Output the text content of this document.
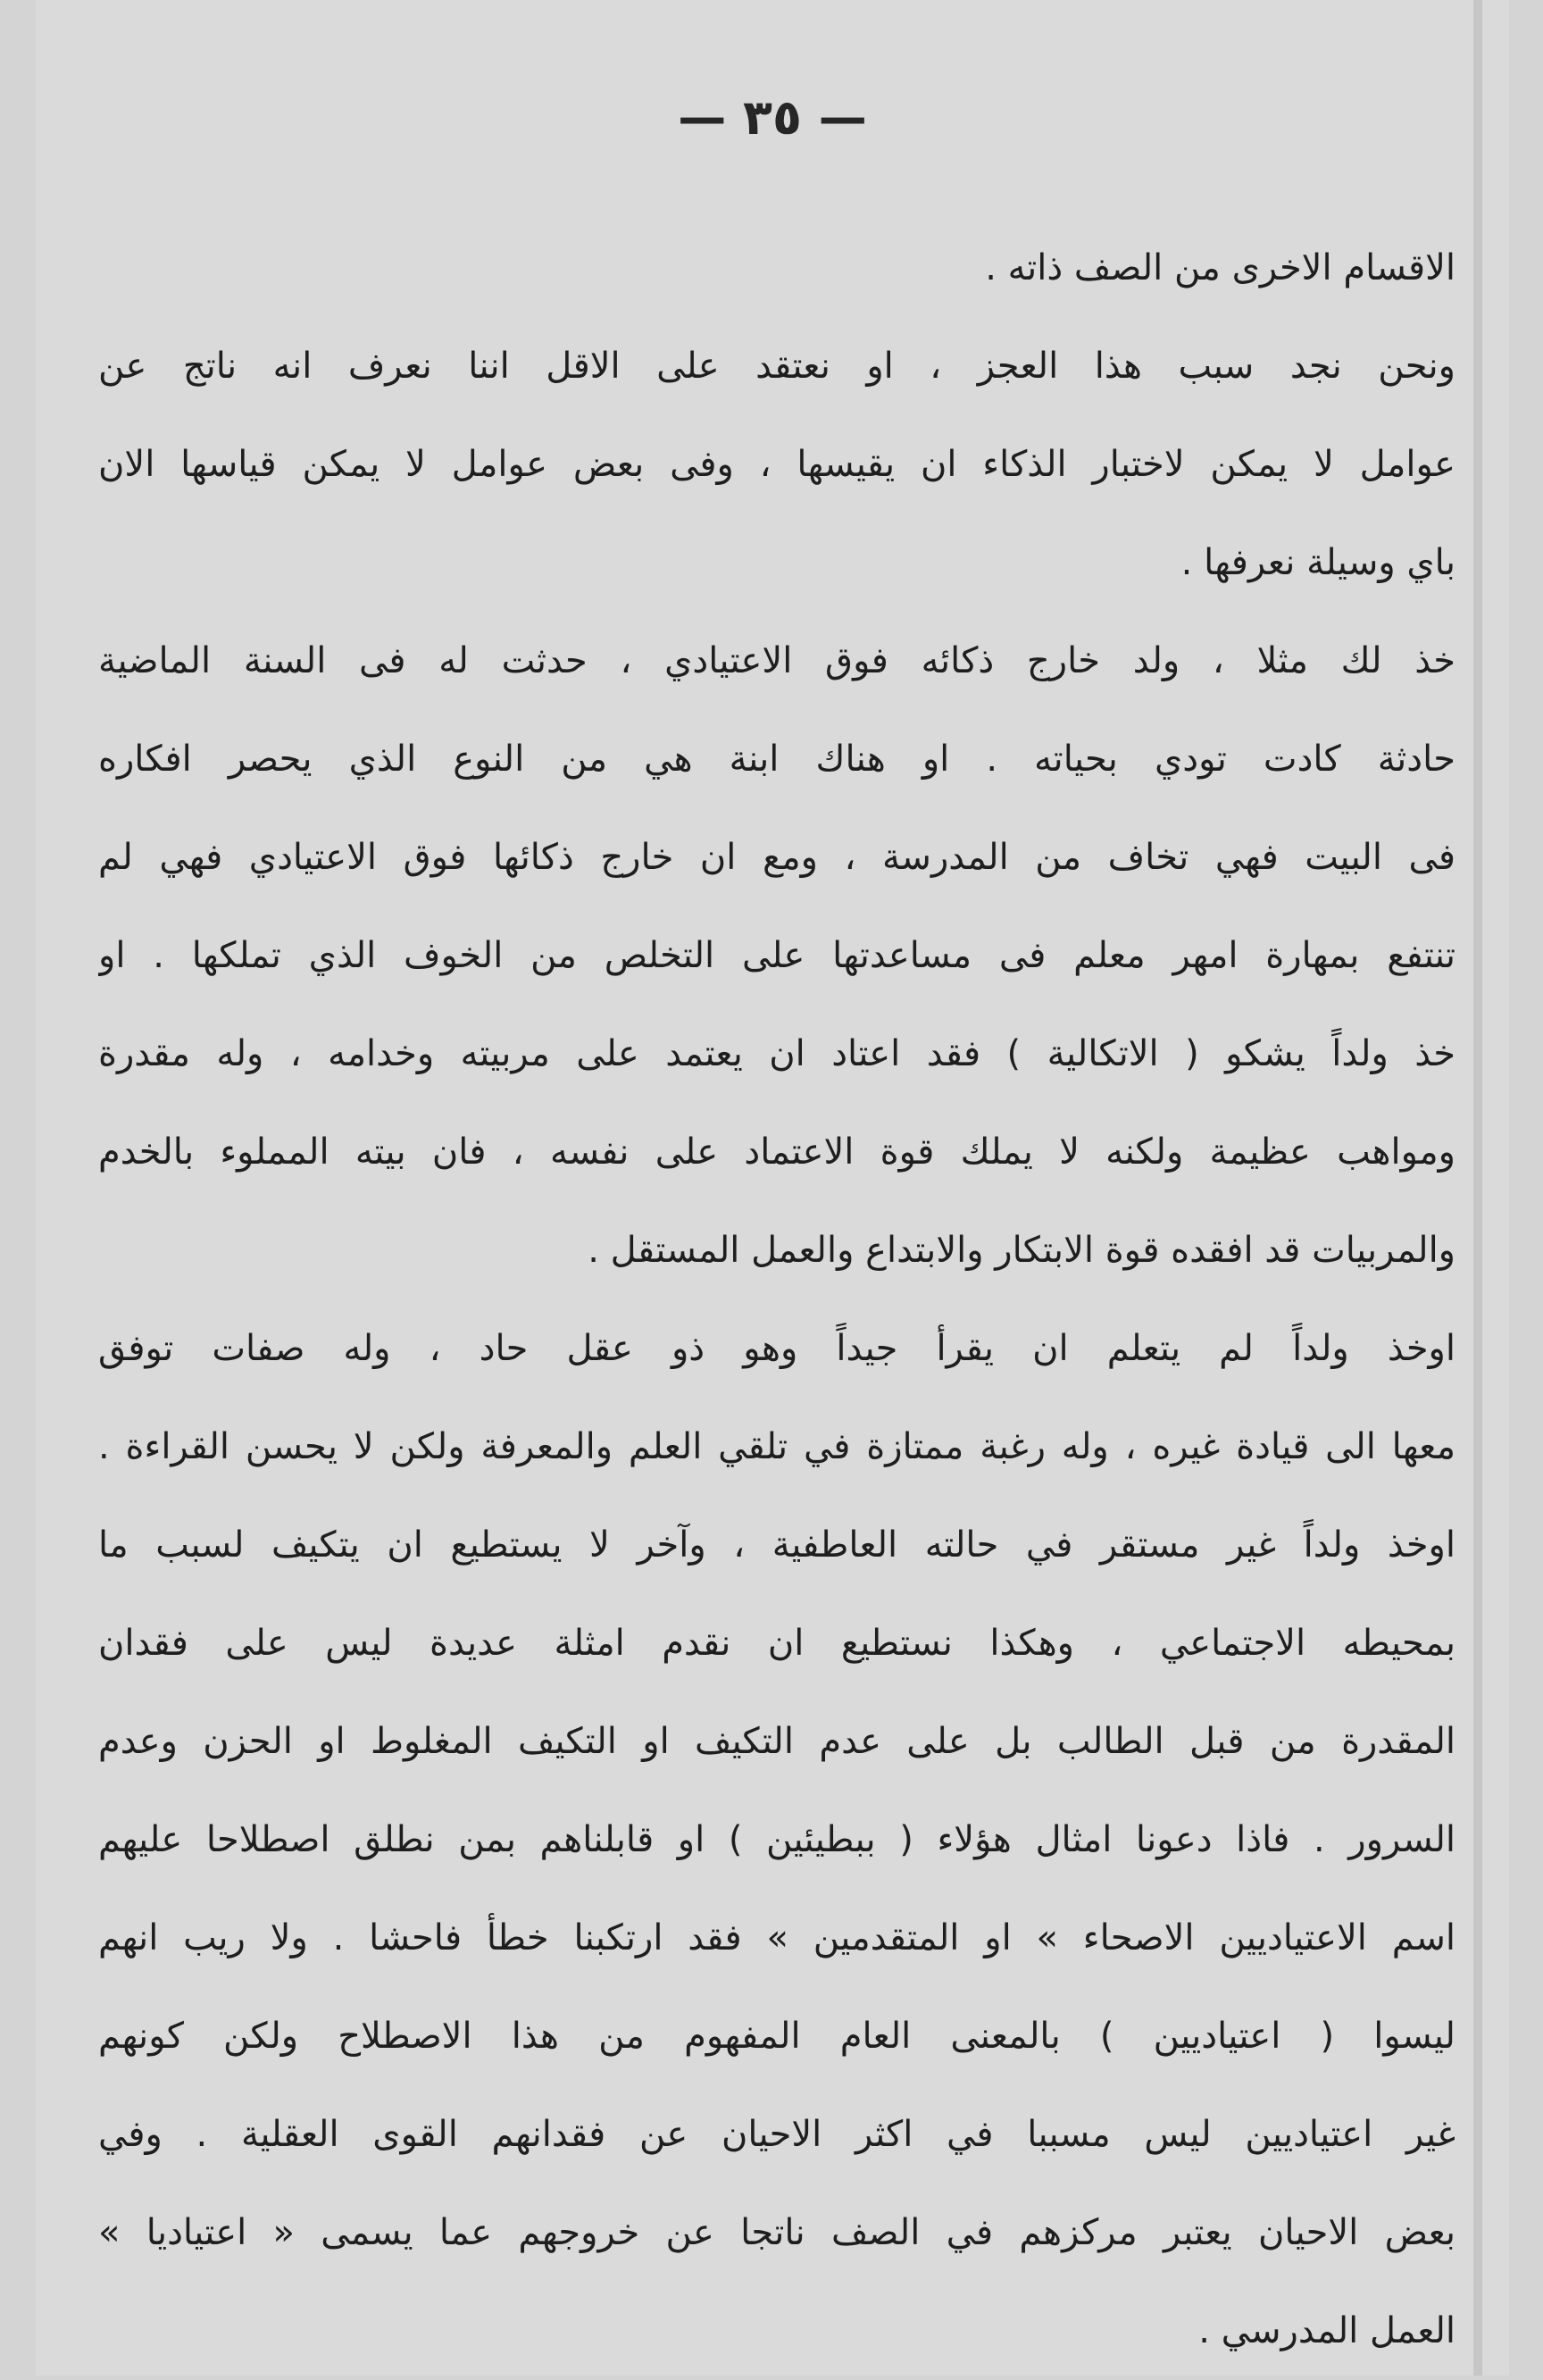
— ٣٥ —
الاقسام الاخرى من الصف ذاته .
ونحن نجد سبب هذا العجز ، او نعتقد على الاقل اننا نعرف انه ناتج عن
عوامل لا يمكن لاختبار الذكاء ان يقيسها ، وفى بعض عوامل لا يمكن قياسها الان
باي وسيلة نعرفها .
خذ لك مثلا ، ولد خارج ذكائه فوق الاعتيادي ، حدثت له فى السنة الماضية
حادثة كادت تودي بحياته . او هناك ابنة هي من النوع الذي يحصر افكاره
فى البيت فهي تخاف من المدرسة ، ومع ان خارج ذكائها فوق الاعتيادي فهي لم
تنتفع بمهارة امهر معلم فى مساعدتها على التخلص من الخوف الذي تملكها . او
خذ ولداً يشكو ( الاتكالية ) فقد اعتاد ان يعتمد على مربيته وخدامه ، وله مقدرة
ومواهب عظيمة ولكنه لا يملك قوة الاعتماد على نفسه ، فان بيته المملوء بالخدم
والمربيات قد افقده قوة الابتكار والابتداع والعمل المستقل .
اوخذ ولداً لم يتعلم ان يقرأ جيداً وهو ذو عقل حاد ، وله صفات توفق
معها الى قيادة غيره ، وله رغبة ممتازة في تلقي العلم والمعرفة ولكن لا يحسن القراءة .
اوخذ ولداً غير مستقر في حالته العاطفية ، وآخر لا يستطيع ان يتكيف لسبب ما
بمحيطه الاجتماعي ، وهكذا نستطيع ان نقدم امثلة عديدة ليس على فقدان
المقدرة من قبل الطالب بل على عدم التكيف او التكيف المغلوط او الحزن وعدم
السرور . فاذا دعونا امثال هؤلاء ( ببطيئين ) او قابلناهم بمن نطلق اصطلاحا عليهم
اسم الاعتياديين الاصحاء » او المتقدمين » فقد ارتكبنا خطأ فاحشا . ولا ريب انهم
ليسوا ( اعتياديين ) بالمعنى العام المفهوم من هذا الاصطلاح ولكن كونهم
غير اعتياديين ليس مسببا في اكثر الاحيان عن فقدانهم القوى العقلية . وفي
بعض الاحيان يعتبر مركزهم في الصف ناتجا عن خروجهم عما يسمى « اعتياديا »
العمل المدرسي .
